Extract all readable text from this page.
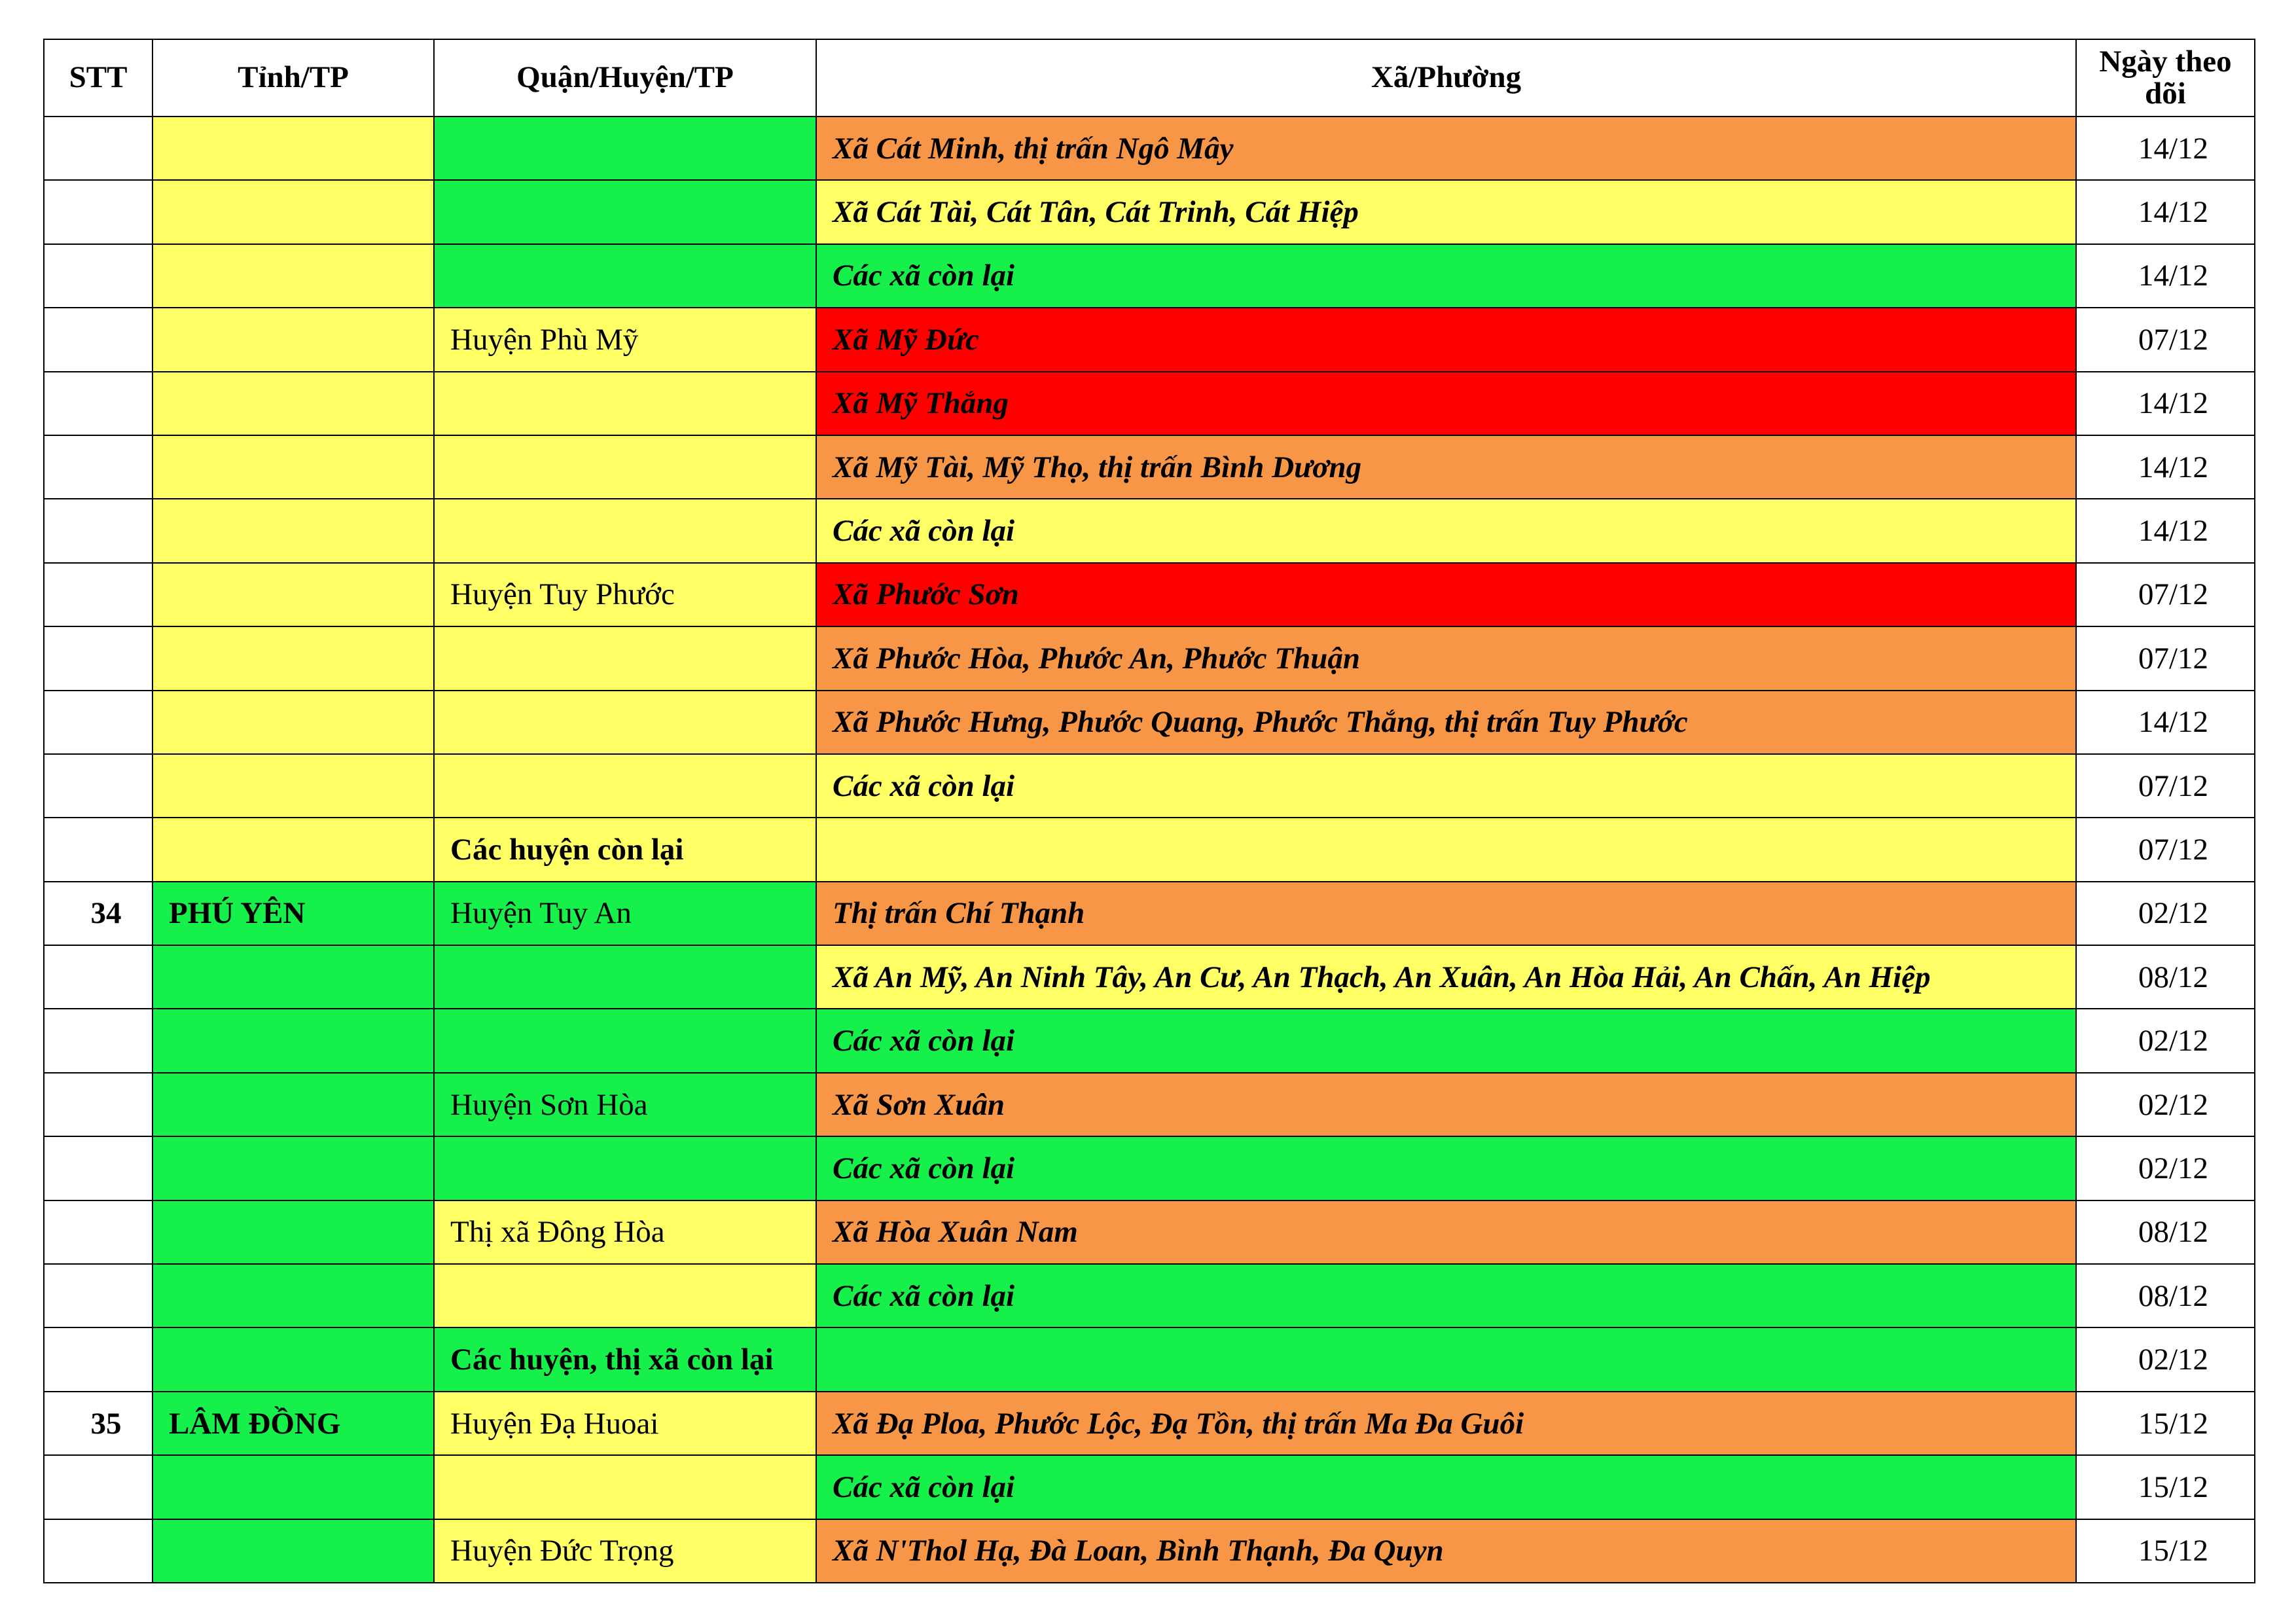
STT	Tỉnh/TP	Quận/Huyện/TP	Xã/Phường	Ngày theo dõi
			Xã Cát Minh, thị trấn Ngô Mây	14/12
			Xã Cát Tài, Cát Tân, Cát Trinh, Cát Hiệp	14/12
			Các xã còn lại	14/12
		Huyện Phù Mỹ	Xã Mỹ Đức	07/12
			Xã Mỹ Thắng	14/12
			Xã Mỹ Tài, Mỹ Thọ, thị trấn Bình Dương	14/12
			Các xã còn lại	14/12
		Huyện Tuy Phước	Xã Phước Sơn	07/12
			Xã Phước Hòa, Phước An, Phước Thuận	07/12
			Xã Phước Hưng, Phước Quang, Phước Thắng, thị trấn Tuy Phước	14/12
			Các xã còn lại	07/12
		Các huyện còn lại		07/12
34	PHÚ YÊN	Huyện Tuy An	Thị trấn Chí Thạnh	02/12
			Xã An Mỹ, An Ninh Tây, An Cư, An Thạch, An Xuân, An Hòa Hải, An Chấn, An Hiệp	08/12
			Các xã còn lại	02/12
		Huyện Sơn Hòa	Xã Sơn Xuân	02/12
			Các xã còn lại	02/12
		Thị xã Đông Hòa	Xã Hòa Xuân Nam	08/12
			Các xã còn lại	08/12
		Các huyện, thị xã còn lại		02/12
35	LÂM ĐỒNG	Huyện Đạ Huoai	Xã Đạ Ploa, Phước Lộc, Đạ Tồn, thị trấn Ma Đa Guôi	15/12
			Các xã còn lại	15/12
		Huyện Đức Trọng	Xã N'Thol Hạ, Đà Loan, Bình Thạnh, Đa Quyn	15/12
